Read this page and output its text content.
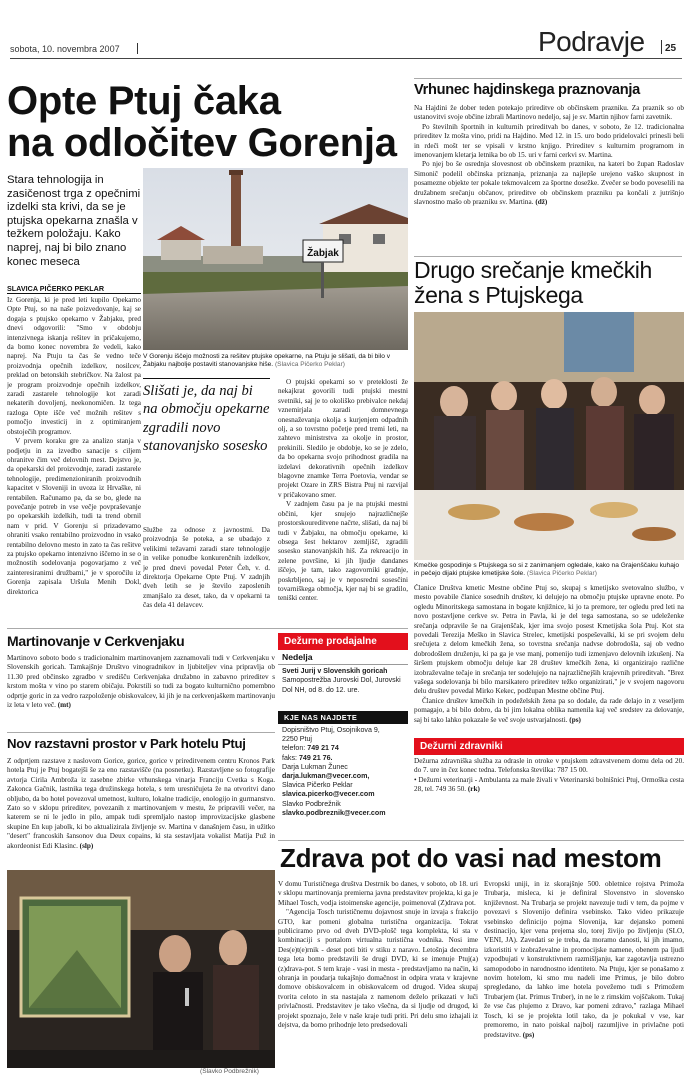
sobota, 10. novembra 2007	Podravje 25
Opte Ptuj čaka
na odločitev Gorenja
Stara tehnologija in zasičenost trga z opečnimi izdelki sta krivi, da se je ptujska opekarna znašla v težkem položaju. Kako naprej, naj bi bilo znano konec meseca
SLAVICA PIČERKO PEKLAR

Iz Gorenja, ki je pred leti kupilo Opekarno Opte Ptuj, so na naše poizvedovanje, kaj se dogaja s ptujsko opekarno v Žabjaku, pred dnevi odgovorili: "Smo v obdobju intenzivnega iskanja rešitev in pričakujemo, da bomo konec novembra že vedeli, kako naprej. Na Ptuju ta čas še vedno teče proizvodnja opečnih izdelkov, nosilcev, preklad on betonskih stebričkov. Na žalost pa je program proizvodnje opečnih izdelkov, zaradi zastarele tehnologije kot zaradi nekaterih dovoljenj, neekonomičen. Iz tega razloga Opte išče več možnih rešitev s pomočjo investicij in z optimiranjem obstoječih programov.

V prvem koraku gre za analizo stanja v podjetju in za izvedbo sanacije s ciljem ohranitve čim več delovnih mest. Dejstvo je, da opekarski del proizvodnje, zaradi zastarele tehnologije, predimenzioniranih proizvodnih kapacitet v Sloveniji in uvoza iz Hrvaške, ni rentabilen. Računamo pa, da se bo, glede na povečanje potreb in vse večje povpraševanje po opekarskih izdelkih, tudi ta trend obrnil nam v prid. V Gorenju si prizadevamo ohraniti vsako rentabilno proizvodno in vsako rentabilno delovno mesto in zato ta čas rešitve za ptujsko opekarno intenzivno iščemo in se o možnostih sodelovanja pogovarjamo z več zainteresiranimi družbami," je v sporočilu iz Gorenja zapisala Uršula Menih Dokl, direktorica

Žabjak
V Gorenju iščejo možnosti za rešitev ptujske opekarne, na Ptuju je slišati, da bi bilo v Žabjaku najbolje postaviti stanovanjske hiše. (Slavica Pičerko Peklar)
Slišati je, da naj bi na območju opekarne zgradili novo stanovanjsko sosesko

Službe za odnose z javnostmi. Da proizvodnja še poteka, a se ubadajo z velikimi težavami zaradi stare tehnologije in velike ponudbe konkurenčnih izdelkov, je pred dnevi povedal Peter Čeh, v. d. direktorja Opekarne Opte Ptuj. V zadnjih dveh letih se je število zaposlenih zmanjšalo za deset, tako, da v opekarni ta čas dela 41 delavcev.

O ptujski opekarni so v preteklosti že nekajkrat govorili tudi ptujski mestni svetniki, saj je to okoliško prebivalce nekdaj vznemirjala zaradi domnevnega onesnaževanja okolja s kurjenjem odpadnih olj, a so tovrstno početje pred tremi leti, na zahtevo ministrstva za okolje in prostor, prekinili. Sledilo je obdobje, ko se je zdelo, da bo opekarna svojo prihodnost gradila na izdelavi dekorativnih opečnih izdelkov blagovne znamke Terra Poetovia, vendar se projekt Ozare in ZRS Bistra Ptuj ni razvijal v pričakovano smer.

V zadnjem času pa je na ptujski mestni občini, kjer snujejo najrazličnejše prostorskoureditvene načrte, slišati, da naj bi tudi v Žabjaku, na območju opekarne, ki obsega šest hektarov zemljišč, zgradili sosesko stanovanjskih hiš. Za rekreacijo in zelene površine, ki jih ljudje dandanes iščejo, je tam, tako zagovorniki gradnje, poskrbljeno, saj je v neposredni sosesčini tovarniškega območja, kjer naj bi se gradilo, teniški center.

Vrhunec hajdinskega praznovanja

Na Hajdini že dober teden potekajo prireditve ob občinskem prazniku. Za praznik so ob ustanovitvi svoje občine izbrali Martinovo nedeljo, saj je sv. Martin njihov farni zavetnik.

Po številnih športnih in kulturnih prireditvah bo danes, v soboto, že 12. tradicionalna prireditev Iz mošta vino, pridi na Hajdino. Med 12. in 15. uro bodo pridelovalci prinesli beli in rdeči mošt ter se vpisali v krstno knjigo. Prireditev s kulturnim programom in imenovanjem kletarja letnika bo ob 15. uri v farni cerkvi sv. Martina.

Po njej bo še osrednja slovesnost ob občinskem prazniku, na kateri bo župan Radoslav Simonič podelil občinska priznanja, priznanja za najlepše urejeno vaško skupnost in posamezne objekte ter pokale tekmovalcem za športne dosežke. Zvečer se bodo poveselili na družabnem srečanju občanov, prireditve ob občinskem prazniku pa končali z jutrišnjo slavnostno mašo ob prazniku sv. Martina. (dž)

Drugo srečanje kmečkih
žena s Ptujskega
Kmečke gospodinje s Ptujskega so si z zanimanjem ogledale, kako na Grajenščaku kuhajo in pečejo dijaki ptujske kmetijske šole. (Slavica Pičerko Peklar)

Članice Društva kmetic Mestne občine Ptuj so, skupaj s kmetijsko svetovalno službo, v mesto povabile članice sosednih društev, ki delujejo na območju ptujske upravne enote. Po ogledu Minoritskega samostana in bogate knjižnice, ki jo ta premore, ter ogledu pred leti na novo postavljene cerkve sv. Petra in Pavla, ki je del tega samostana, so se udeleženke srečanja odpravile še na Grajenščak, kjer ima svojo posest Kmetijska šola Ptuj. Kot sta povedali Terezija Meško in Slavica Strelec, kmetijski pospeševalki, ki se pri svojem delu srečujeta z delom kmečkih žena, so tovrstna srečanja nadvse dobrodošla, saj ob vedno dobrodošlem druženju, ki pa ga je vse manj, pomenijo tudi izmenjavo delovnih izkušenj. Na širšem ptujskem območju deluje kar 28 društev kmečkih žena, ki organizirajo različne izobraževalne tečaje in srečanja ter sodelujejo na najrazličnejših krajevnih prireditvah. "Brez vašega sodelovanja bi bilo marsikatero prireditev težko organizirati," je v svojem nagovoru delu društev povedal Mirko Kekec, podžupan Mestne občine Ptuj.

Članice društev kmečkih in podeželskih žena pa so dodale, da rade delajo in z veseljem pomagajo, a bi bilo dobro, da bi jim lokalna oblika namenila kaj več sredstev za delovanje, saj bi tako lahko pokazale še več svoje ustvarjalnosti. (ps)

Dežurni zdravniki

Dežurna zdravniška služba za odrasle in otroke v ptujskem zdravstvenem domu dela od 20. do 7. ure in čez konec tedna. Telefonska številka: 787 15 00.

• Dežurni veterinarji - Ambulanta za male živali v Veterinarski bolnišnici Ptuj, Ormoška cesta 28, tel. 749 36 50. (rk)

Martinovanje v Cerkvenjaku

Martinovo soboto bodo s tradicionalnim martinovanjem zaznamovali tudi v Cerkvenjaku v Slovenskih goricah. Tamkajšnje Društvo vinogradnikov in ljubiteljev vina pripravlja ob 11.30 pred občinsko zgradbo v središču Cerkvenjaka družabno in zabavno prireditev s krstom mošta v vino po starem običaju. Pokrstili so tudi za bogato kulturnično pomembno odprtje goric in za vedro razpoloženje obiskovalcev, ki jih je na cerkvenjaškem martinovanju iz leta v leto več. (mt)

Nov razstavni prostor v Park hotelu Ptuj

Z odprtjem razstave z naslovom Gorice, gorice, gorice v prireditvenem centru Kronos Park hotela Ptuj je Ptuj bogatejši še za eno razstavišče (na posnetku). Razstavljene so fotografije avtorja Cirila Ambroža iz zasebne zbirke vrhunskega vinarja Franciju Cvetka s Koga. Zakonca Gačnik, lastnika tega družinskega hotela, s tem uresničujeta že na otvoritvi dano obljubo, da bo hotel povezoval umetnost, kulturo, lokalne tradicije, enologijo in gurmanstvo. Zato so v sklopu prireditev, povezanih z martinovanjem v mestu, že pripravili večer, na katerem se ni le jedlo in pilo, ampak tudi spremljalo nastop improvizacijske glasbene skupine En kup jabolk, ki bo aktualizirala življenje sv. Martina v današnjem času, in užitko "desert" francoskih šansonov dua Deux copains, ki sta sestavljata vokalist Matija Puž in akordeonist Edi Klasinc. (slp)

(Slavko Podbrežnik)
Dežurne prodajalne
Nedelja

Sveti Jurij v Slovenskih goricah

Samopostrežba Jurovski Dol, Jurovski Dol NH, od 8. do 12. ure.

KJE NAS NAJDETE
Dopisništvo Ptuj, Osojnikova 9,
2250 Ptuj
telefon: 749 21 74
faks: 749 21 76.
Darja Lukman Žunec
darja.lukman@vecer.com,
Slavica Pičerko Peklar
slavica.picerko@vecer.com
Slavko Podbrežnik
slavko.podbreznik@vecer.com
Zdrava pot do vasi nad mestom

V domu Turističnega društva Destrnik bo danes, v soboto, ob 18. uri v sklopu martinovanja premierna javna predstavitev projekta, ki ga je Mihael Tosch, vodja istoimenske agencije, poimenoval (Z)drava pot.

"Agencija Tosch turističnemu dojavnost snuje in izvaja s frakcijo GTO, kar pomeni globalna turistična organizacija. Tokrat publiciramo prvo od dveh DVD-plošč tega komplekta, ki sta v kombinaciji s portalom virtualna turistična vodnika. Nosi ime Des(e)t(e)rnik - deset poti biti v stiku z naravo. Letošnja decembra tega leta bomo predstavili še drugi DVD, ki se imenuje Ptuj(a) (z)drava-pot. S tem kraje - vasi in mesta - predstavljamo na način, ki ohranja in poudarja tukajšnjo domačnost in odpira vrata v krajevne domove obiskovalcem in obiskovalcem od drugod. Videa skupaj tvorita celoto in sta nastajala z namenom deželo prikazati v luči privlačnosti. Predstavitev je tako všečna, da si ljudje od drugod, ki projekt spoznajo, žele v naše kraje tudi priti. Pri delu smo izhajali iz dejstva, da bomo prihodnje leto predsedovali

Evropski uniji, in iz skorajšnje 500. obletnice rojstva Primoža Trubarja, misleca, ki je definiral Slovenstvo in slovensko književnost. Na Trubarja se projekt navezuje tudi v tem, da pojme v povezavi s Slovenijo definira vsebinsko. Tako video prikazuje vsebinsko definicijo pojma Slovenija, kar dejansko pomeni destinacijo, kjer vena prejema slo, torej živijo po življenju (SLO, VENI, JA). Zavedati se je treba, da moramo danosti, ki jih imamo, izkoristiti v izobraževalne in promocijske namene, obenem pa ljudi vzpodbujati v konstruktivnem razmišljanju, kar zagotavlja ustrezno samopodobo in narodnostno identiteto. Na Ptuju, kjer se ponašamo z novim hotelom, ki smo mu nadeli ime Primus, je bilo dobro spregledano, da lahko ime hotela povežemo tudi s Primožem Trubarjem (lat. Primus Truber), in ne le z rimskim vojščakom. Tukaj že vse čas plujemo z Dravo, kar pomeni zdravo," razlaga Mihael Tosch, ki se je projekta lotil tako, da je pokukal v vse, kar premoremo, in nato poiskal najbolj razumljive in privlačne poti predstavitve. (ps)
